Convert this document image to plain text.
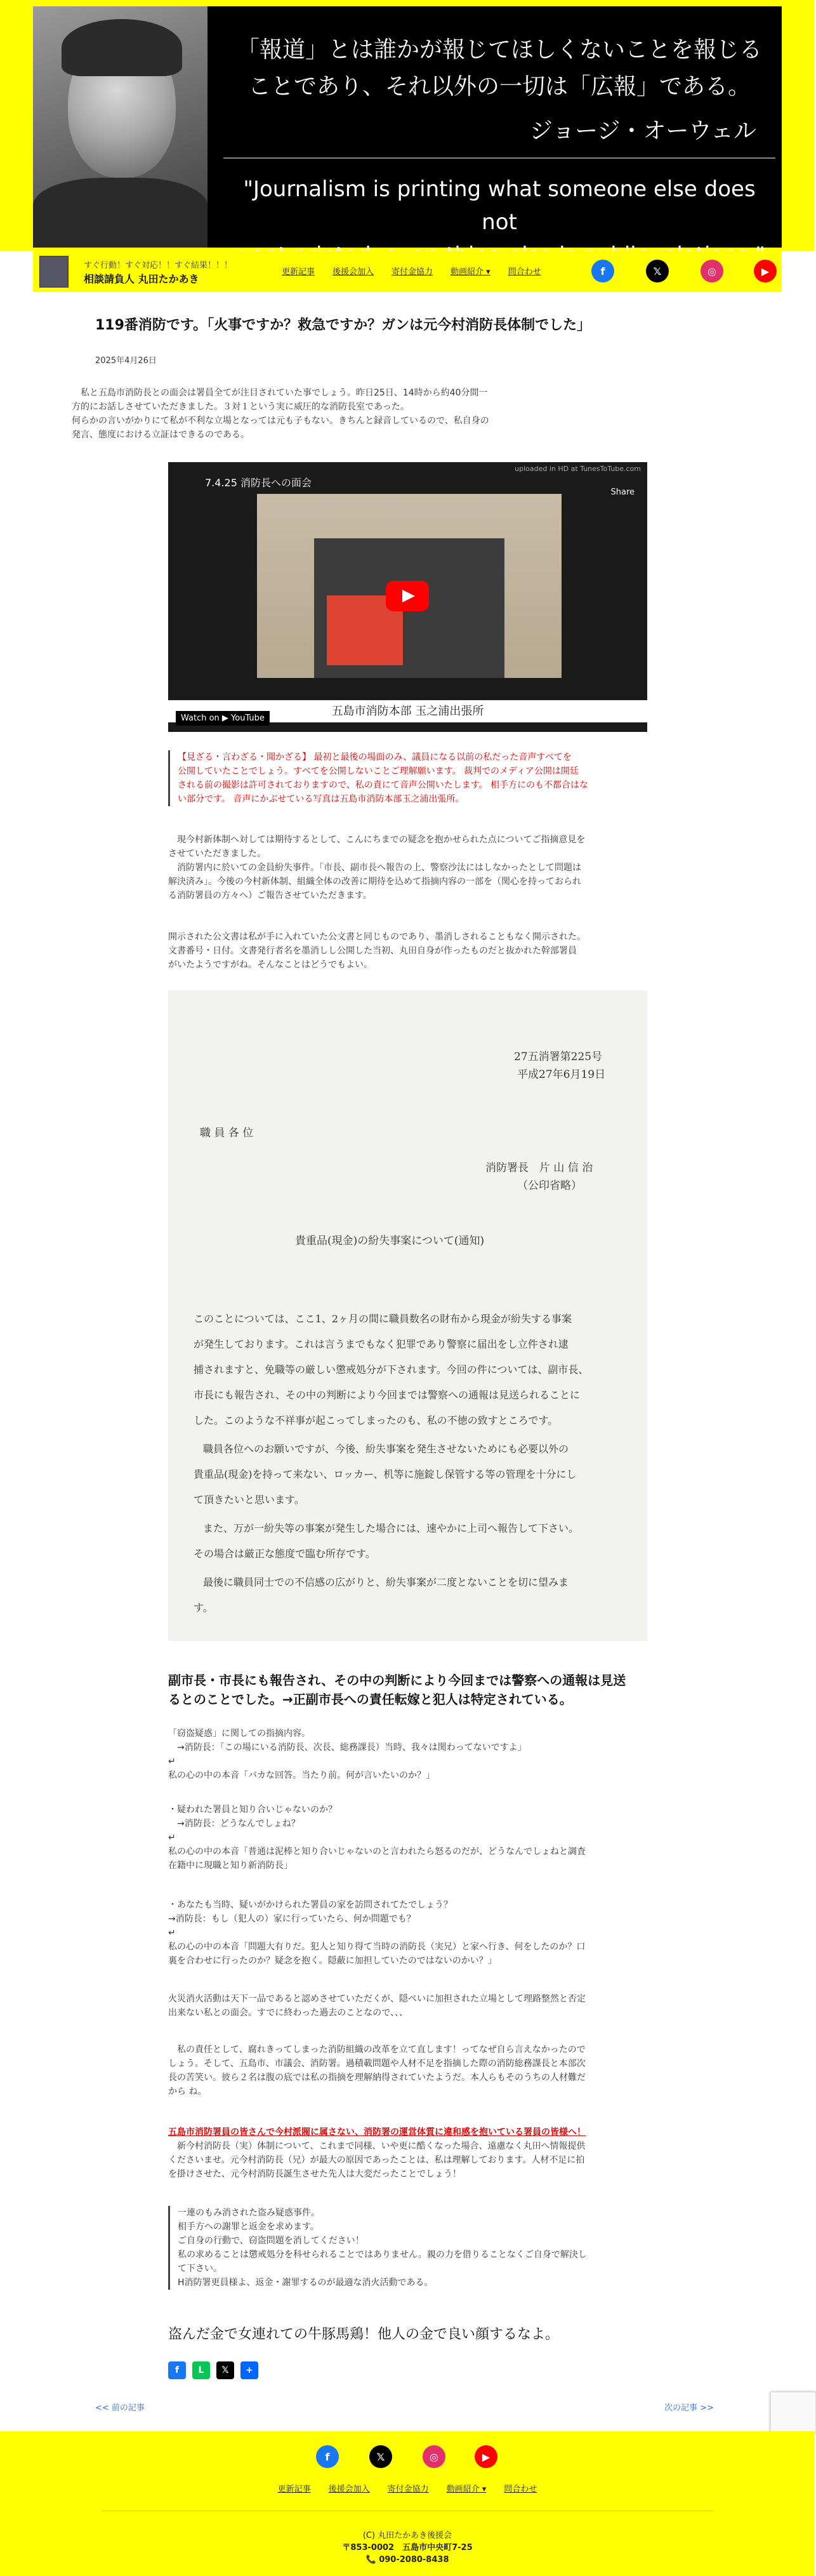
「報道」とは誰かが報じてほしくないことを報じる
ことであり、それ以外の一切は「広報」である。
ジョージ・オーウェル
"Journalism is printing what someone else does not
すぐ行動！すぐ対応！！すぐ結果！！！
相談請負人 丸田たかあき
更新記事 後援会加入 寄付金協力 動画紹介 ▾ 問合わせ	f	𝕏	◎	▶
119番消防です。「火事ですか？救急ですか？ガンは元今村消防長体制でした」
2025年4月26日
　私と五島市消防長との面会は署員全てが注目されていた事でしょう。昨日25日、14時から約40分間一
方的にお話しさせていただきました。３対１という実に威圧的な消防長室であった。
何らかの言いがかりにて私が不利な立場となっては元も子もない。きちんと録音しているので、私自身の
発言、態度における立証はできるのである。
7.4.25 消防長への面会
uploaded in HD at TunesToTube.com
Share
五島市消防本部 玉之浦出張所
Watch on ▶ YouTube
【見ざる・言わざる・聞かざる】 最初と最後の場面のみ、議員になる以前の私だった音声すべてを
公開していたことでしょう。すべてを公開しないことご理解願います。 裁判でのメディア公開は開廷
される前の撮影は許可されておりますので、私の責にて音声公開いたします。 相手方にのも不都合はな
い部分です。 音声にかぶせている写真は五島市消防本部玉之浦出張所。
　現今村新体制へ対しては期待するとして、こんにちまでの疑念を抱かせられた点についてご指摘意見を
させていただきました。
　消防署内に於いての金員紛失事件。「市長、副市長へ報告の上、警察沙汰にはしなかったとして問題は
解決済み」。今後の今村新体制、組織全体の改善に期待を込めて指摘内容の一部を（関心を持っておられ
る消防署員の方々へ）ご報告させていただきます。
開示された公文書は私が手に入れていた公文書と同じものであり、墨消しされることもなく開示された。
文書番号・日付。文書発行者名を墨消しし公開した当初、丸田自身が作ったものだと抜かれた幹部署員
がいたようですがね。そんなことはどうでもよい。
27五消署第225号
平成27年6月19日
職 員 各 位
消防署長　片 山 信 治
（公印省略）
貴重品(現金)の紛失事案について(通知)
このことについては、ここ1、2ヶ月の間に職員数名の財布から現金が紛失する事案
が発生しております。これは言うまでもなく犯罪であり警察に届出をし立件され逮
捕されますと、免職等の厳しい懲戒処分が下されます。今回の件については、副市長、
市長にも報告され、その中の判断により今回までは警察への通報は見送られることに
した。このような不祥事が起こってしまったのも、私の不徳の致すところです。
職員各位へのお願いですが、今後、紛失事案を発生させないためにも必要以外の
貴重品(現金)を持って来ない、ロッカー、机等に施錠し保管する等の管理を十分にし
て頂きたいと思います。
また、万が一紛失等の事案が発生した場合には、速やかに上司へ報告して下さい。
その場合は厳正な態度で臨む所存です。
最後に職員同士での不信感の広がりと、紛失事案が二度とないことを切に望みま
す。
副市長・市長にも報告され、その中の判断により今回までは警察への通報は見送
るとのことでした。→正副市長への責任転嫁と犯人は特定されている。
「窃盗疑惑」に関しての指摘内容。
　→消防長：「この場にいる消防長、次長、総務課長）当時、我々は関わってないですよ」
↵
私の心の中の本音「バカな回答。当たり前。何が言いたいのか？」
・疑われた署員と知り合いじゃないのか？
　→消防長：どうなんでしょね？
↵
私の心の中の本音「普通は泥棒と知り合いじゃないのと言われたら怒るのだが、どうなんでしょねと調査
在籍中に現職と知り新消防長」
・あなたも当時、疑いがかけられた署員の家を訪問されてたでしょう？
→消防長：もし（犯人の）家に行っていたら、何か問題でも？
↵
私の心の中の本音「問題大有りだ。犯人と知り得て当時の消防長（実兄）と家へ行き、何をしたのか？口
裏を合わせに行ったのか？疑念を抱く。隠蔽に加担していたのではないのかい？」
火災消火活動は天下一品であると認めさせていただくが、隠ぺいに加担された立場として理路整然と否定
出来ない私との面会。すでに終わった過去のことなので、、、
　私の責任として、腐れきってしまった消防組織の改革を立て直します！ってなぜ自ら言えなかったので
しょう。そして、五島市、市議会、消防署。過積載問題や人材不足を指摘した際の消防総務課長と本部次
長の苦笑い。彼ら２名は腹の底では私の指摘を理解納得されていたようだ。本人らもそのうちの人材難だ
から ね。
五島市消防署員の皆さんで今村派閥に属さない、消防署の運営体質に違和感を抱いている署員の皆様へ！
　新今村消防長（実）体制について、これまで同様、いや更に酷くなった場合、遠慮なく丸田へ情報提供
くださいませ。元今村消防長（兄）が最大の原因であったことは、私は理解しております。人材不足に拍
を掛けさせた、元今村消防長誕生させた先人は大変だったことでしょう！
一連のもみ消された盗み疑惑事件。
相手方への謝罪と返金を求めます。
ご自身の行動で、窃盗問題を消してください！
私の求めることは懲戒処分を科せられることではありません。親の力を借りることなくご自身で解決し
て下さい。
H消防署更員様よ、返金・謝罪するのが最適な消火活動である。
盗んだ金で女連れての牛豚馬鶏！他人の金で良い顔するなよ。
f	L	𝕏	+
<< 前の記事	次の記事 >>
f	𝕏	◎	▶
更新記事 後援会加入 寄付金協力 動画紹介 ▾ 問合わせ
(C) 丸田たかあき後援会
〒853-0002　五島市中央町7-25
📞 090-2080-8438
